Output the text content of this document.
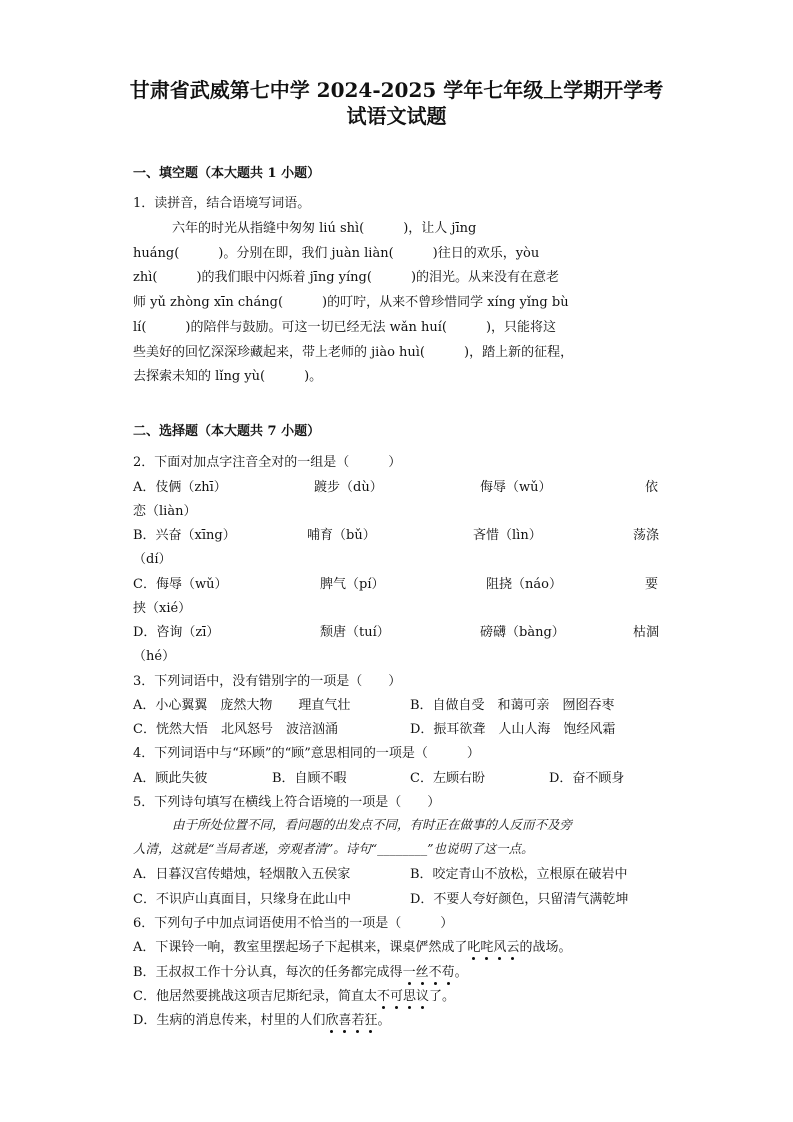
甘肃省武威第七中学 2024-2025 学年七年级上学期开学考
试语文试题
一、填空题（本大题共 1 小题）
1．读拼音，结合语境写词语。
六年的时光从指缝中匆匆 liú shì(　　　)，让人 jīng
huáng(　　　)。分别在即，我们 juàn liàn(　　　)往日的欢乐，yòu
zhì(　　　)的我们眼中闪烁着 jīng yíng(　　　)的泪光。从来没有在意老
师 yǔ zhòng xīn cháng(　　　)的叮咛，从来不曾珍惜同学 xíng yǐng bù
lí(　　　)的陪伴与鼓励。可这一切已经无法 wǎn huí(　　　)，只能将这
些美好的回忆深深珍藏起来，带上老师的 jiào huì(　　　)，踏上新的征程，
去探索未知的 lǐng yù(　　　)。
二、选择题（本大题共 7 小题）
2．下面对加点字注音全对的一组是（　　　）
A．伎俩（zhī）	踱步（dù）	侮辱（wǔ）	依
恋（liàn）
B．兴奋（xīng）	哺育（bǔ）	吝惜（lìn）	荡涤
（dí）
C．侮辱（wǔ）	脾气（pí）	阻挠（náo）	要
挟（xié）
D．咨询（zī）	颓唐（tuí）	磅礴（bàng）	枯涸
（hé）
3．下列词语中，没有错别字的一项是（　　）
A．小心翼翼　庞然大物　　理直气壮	B．自做自受　和蔼可亲　囫囵吞枣
C．恍然大悟　北风怒号　波涪汹涌	D．振耳欲聋　人山人海　饱经风霜
4．下列词语中与“环顾”的“顾”意思相同的一项是（　　　）
A．顾此失彼	B．自顾不暇	C．左顾右盼	D．奋不顾身
5．下列诗句填写在横线上符合语境的一项是（　　）
由于所处位置不同，看问题的出发点不同，有时正在做事的人反而不及旁
人清，这就是“当局者迷，旁观者清”。诗句“________”也说明了这一点。
A．日暮汉宫传蜡烛，轻烟散入五侯家	B．咬定青山不放松，立根原在破岩中
C．不识庐山真面目，只缘身在此山中	D．不要人夸好颜色，只留清气满乾坤
6．下列句子中加点词语使用不恰当的一项是（　　　）
A．下课铃一响，教室里摆起场子下起棋来，课桌俨然成了叱咤风云的战场。
B．王叔叔工作十分认真，每次的任务都完成得一丝不苟。
C．他居然要挑战这项吉尼斯纪录，简直太不可思议了。
D．生病的消息传来，村里的人们欣喜若狂。
